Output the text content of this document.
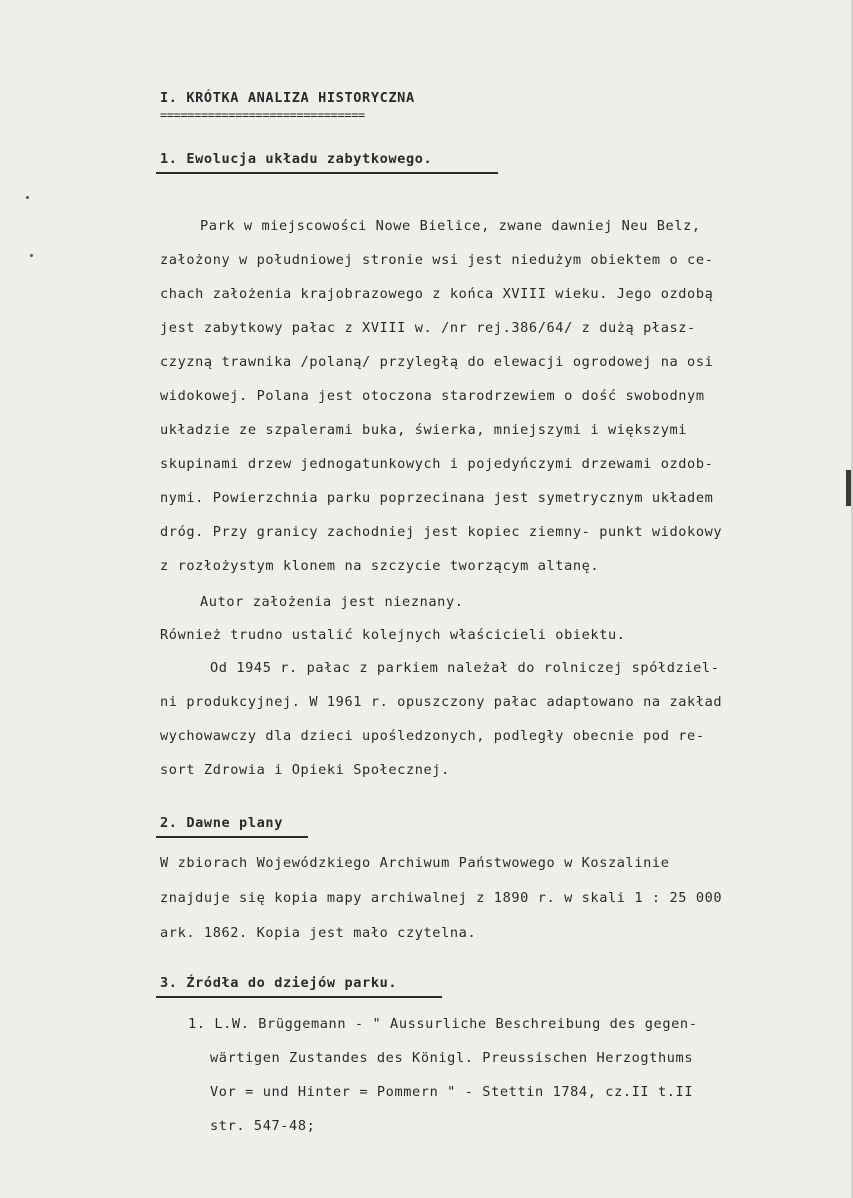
I. KRÓTKA ANALIZA HISTORYCZNA
==============================
1. Ewolucja układu zabytkowego.
Park w miejscowości Nowe Bielice, zwane dawniej Neu Belz,
założony w południowej stronie wsi jest niedużym obiektem o ce-
chach założenia krajobrazowego z końca XVIII wieku. Jego ozdobą
jest zabytkowy pałac z XVIII w. /nr rej.386/64/ z dużą płasz-
czyzną trawnika /polaną/ przyległą do elewacji ogrodowej na osi
widokowej. Polana jest otoczona starodrzewiem o dość swobodnym
układzie ze szpalerami buka, świerka, mniejszymi i większymi
skupinami drzew jednogatunkowych i pojedyńczymi drzewami ozdob-
nymi. Powierzchnia parku poprzecinana jest symetrycznym układem
dróg. Przy granicy zachodniej jest kopiec ziemny- punkt widokowy
z rozłożystym klonem na szczycie tworzącym altanę.
Autor założenia jest nieznany.
Również trudno ustalić kolejnych właścicieli obiektu.
Od 1945 r. pałac z parkiem należał do rolniczej spółdziel-
ni produkcyjnej. W 1961 r. opuszczony pałac adaptowano na zakład
wychowawczy dla dzieci upośledzonych, podległy obecnie pod re-
sort Zdrowia i Opieki Społecznej.
2. Dawne plany
W zbiorach Wojewódzkiego Archiwum Państwowego w Koszalinie
znajduje się kopia mapy archiwalnej z 1890 r. w skali 1 : 25 000
ark. 1862. Kopia jest mało czytelna.
3. Źródła do dziejów parku.
1. L.W. Brüggemann - " Aussurliche Beschreibung des gegen-
wärtigen Zustandes des Königl. Preussischen Herzogthums
Vor = und Hinter = Pommern " - Stettin 1784, cz.II t.II
str. 547-48;
